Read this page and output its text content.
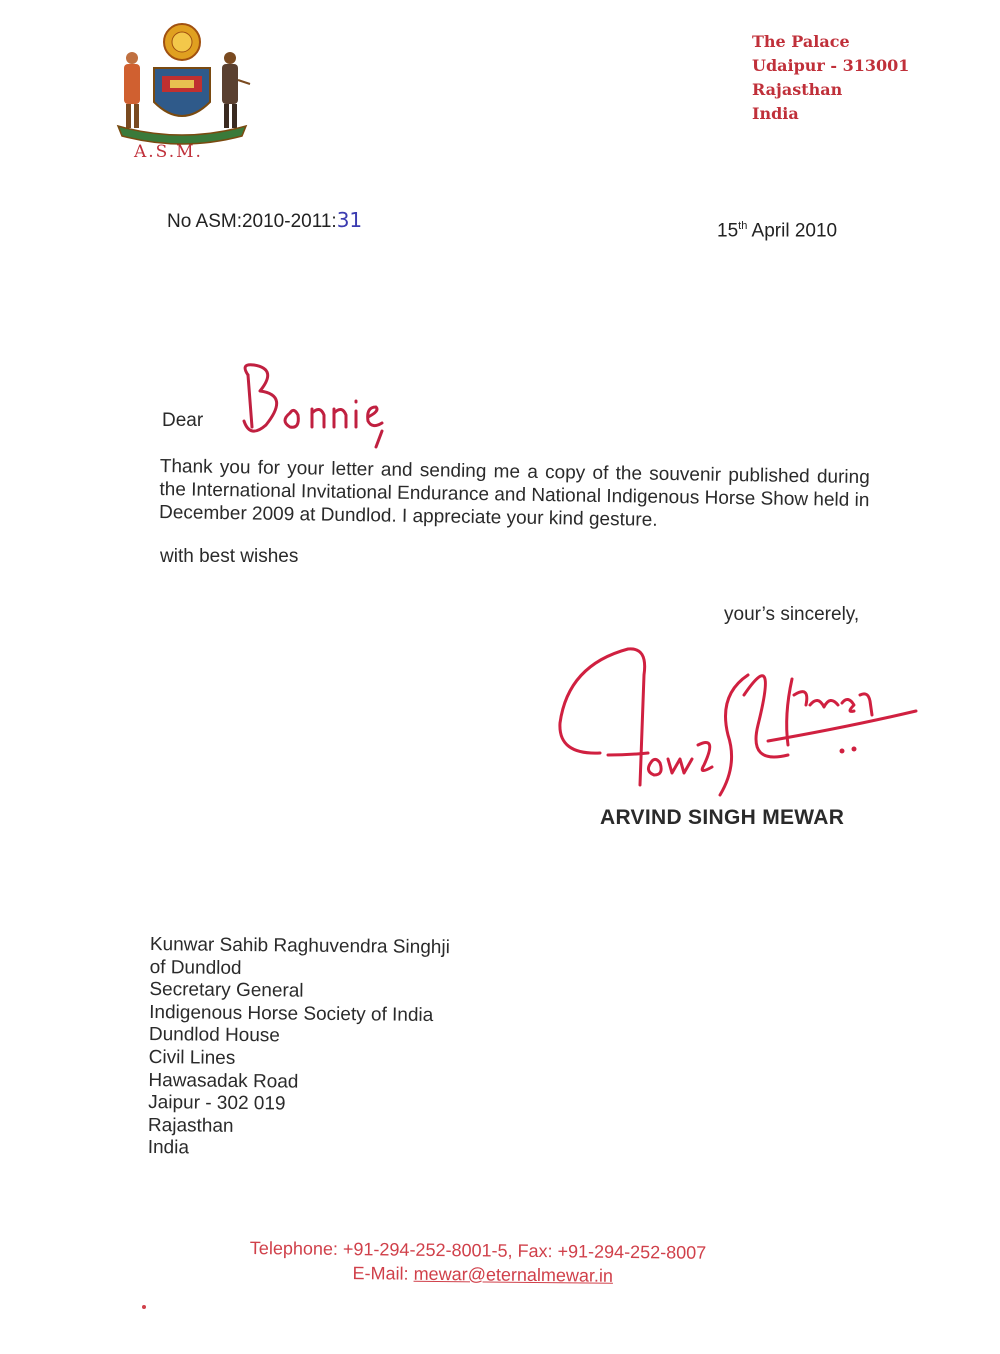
A.S.M.
The Palace
Udaipur - 313001
Rajasthan
India
No ASM:2010-2011:31	15th April 2010
Dear
Thank you for your letter and sending me a copy of the souvenir published during the International Invitational Endurance and National Indigenous Horse Show held in December 2009 at Dundlod. I appreciate your kind gesture.
with best wishes
your’s sincerely,
ARVIND SINGH MEWAR
Kunwar Sahib Raghuvendra Singhji
of Dundlod
Secretary General
Indigenous Horse Society of India
Dundlod House
Civil Lines
Hawasadak Road
Jaipur - 302 019
Rajasthan
India
Telephone: +91-294-252-8001-5, Fax: +91-294-252-8007
E-Mail: mewar@eternalmewar.in
